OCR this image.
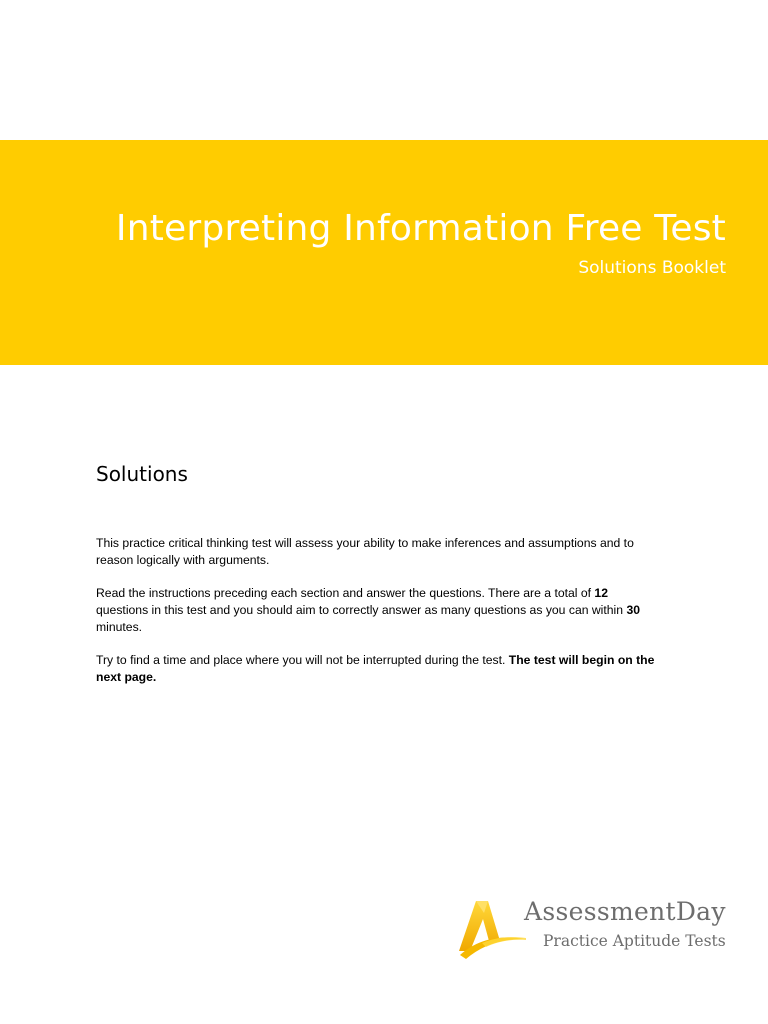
Interpreting Information Free Test
Solutions Booklet
Solutions

This practice critical thinking test will assess your ability to make inferences and assumptions and to reason logically with arguments.

Read the instructions preceding each section and answer the questions. There are a total of 12 questions in this test and you should aim to correctly answer as many questions as you can within 30 minutes.

Try to find a time and place where you will not be interrupted during the test. The test will begin on the next page.

AssessmentDay
Practice Aptitude Tests
